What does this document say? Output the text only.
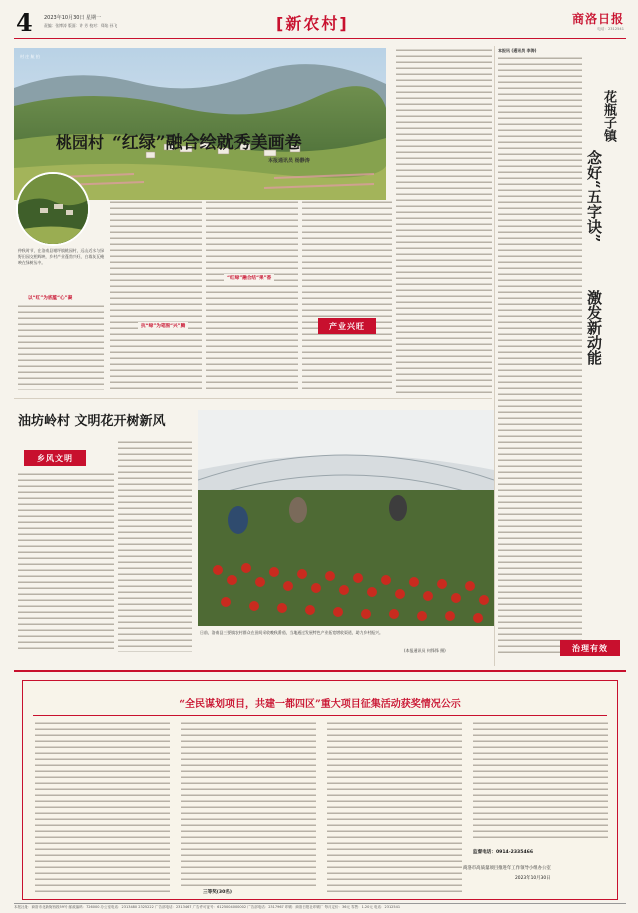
4 2023年10月30日 星期一
责编：张博涛 版面：许 芳 校对：郑焰 孙飞	[新农村]	商洛日报
电话：2312541
村 庄 航 拍
桃园村 “红绿”融合绘就秀美画卷
本报通讯员 杨静涛
仲秋时节，在洛南县谢坪镇桃园村，远山近水与绿野田园交相辉映，乡村产业蓬勃兴旺，白墙灰瓦掩映在绿树丛中。
以“红”为底蕴“心”凝
抗“绿”为笔图“兴”腾
“红绿”融合结“果”香
产业兴旺
花瓶子镇
念好“五字诀”
激发新动能
本报讯 (通讯员 李涛)
油坊岭村 文明花开树新风
乡风文明
日前，洛南县三要镇农村群众在田间采收晚秋番茄，当地通过发展特色产业拓宽增收渠道，助力乡村振兴。
(本报通讯员 何锋锋 摄)	治理有效
“全民谋划项目，共建一都四区”重大项目征集活动获奖情况公示
三等奖(30名)
监督电话：0914-2335466
商洛市高质量项目推进年工作领导小组办公室
2023年10月30日
本报社址：商洛市北新街西段59号 邮政编码：726000 办公室电话：2313480 2325222 广告部电话：2313467 广告许可证号：6125004000002 广告部电话：2317967 印刷：商洛日报社印刷厂 每月定价：36元 零售：1.20元 电话：2312541
